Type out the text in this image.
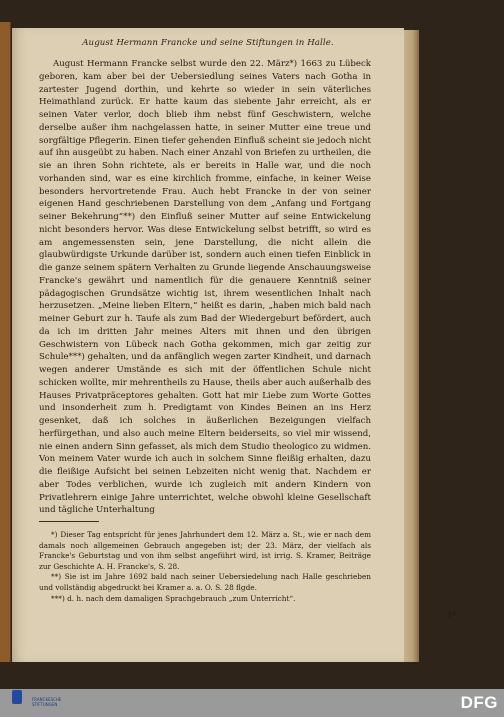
August Hermann Francke und seine Stiftungen in Halle.	3

August Hermann Francke selbst wurde den 22. März*) 1663 zu Lübeck geboren, kam aber bei der Uebersiedlung seines Vaters nach Gotha in zartester Jugend dorthin, und kehrte so wieder in sein väterliches Heimathland zurück. Er hatte kaum das siebente Jahr erreicht, als er seinen Vater verlor, doch blieb ihm nebst fünf Geschwistern, welche derselbe außer ihm nachgelassen hatte, in seiner Mutter eine treue und sorgfältige Pflegerin. Einen tiefer gehenden Einfluß scheint sie jedoch nicht auf ihn ausgeübt zu haben. Nach einer Anzahl von Briefen zu urtheilen, die sie an ihren Sohn richtete, als er bereits in Halle war, und die noch vorhanden sind, war es eine kirchlich fromme, einfache, in keiner Weise besonders hervortretende Frau. Auch hebt Francke in der von seiner eigenen Hand geschriebenen Darstellung von dem „Anfang und Fortgang seiner Bekehrung“**) den Einfluß seiner Mutter auf seine Entwickelung nicht besonders hervor. Was diese Entwickelung selbst betrifft, so wird es am angemessensten sein, jene Darstellung, die nicht allein die glaubwürdigste Urkunde darüber ist, sondern auch einen tiefen Einblick in die ganze seinem spätern Verhalten zu Grunde liegende Anschauungsweise Francke's gewährt und namentlich für die genauere Kenntniß seiner pädagogischen Grundsätze wichtig ist, ihrem wesentlichen Inhalt nach herzusetzen. „Meine lieben Eltern,“ heißt es darin, „haben mich bald nach meiner Geburt zur h. Taufe als zum Bad der Wiedergeburt befördert, auch da ich im dritten Jahr meines Alters mit ihnen und den übrigen Geschwistern von Lübeck nach Gotha gekommen, mich gar zeitig zur Schule***) gehalten, und da anfänglich wegen zarter Kindheit, und darnach wegen anderer Umstände es sich mit der öffentlichen Schule nicht schicken wollte, mir mehrentheils zu Hause, theils aber auch außerhalb des Hauses Privatpräceptores gehalten. Gott hat mir Liebe zum Worte Gottes und insonderheit zum h. Predigtamt von Kindes Beinen an ins Herz gesenket, daß ich solches in äußerlichen Bezeigungen vielfach herfürgethan, und also auch meine Eltern beiderseits, so viel mir wissend, nie einen andern Sinn gefasset, als mich dem Studio theologico zu widmen. Von meinem Vater wurde ich auch in solchem Sinne fleißig erhalten, dazu die fleißige Aufsicht bei seinen Lebzeiten nicht wenig that. Nachdem er aber Todes verblichen, wurde ich zugleich mit andern Kindern von Privatlehrern einige Jahre unterrichtet, welche obwohl kleine Gesellschaft und tägliche Unterhaltung

*) Dieser Tag entspricht für jenes Jahrhundert dem 12. März a. St., wie er nach dem damals noch allgemeinen Gebrauch angegeben ist; der 23. März, der vielfach als Francke's Geburtstag und von ihm selbst angeführt wird, ist irrig. S. Kramer, Beiträge zur Geschichte A. H. Francke's, S. 28.

**) Sie ist im Jahre 1692 bald nach seiner Uebersiedelung nach Halle geschrieben und vollständig abgedruckt bei Kramer a. a. O. S. 28 flgde.

***) d. h. nach dem damaligen Sprachgebrauch „zum Unterricht“.

1*
FRANCKESCHE STIFTUNGEN	DFG
